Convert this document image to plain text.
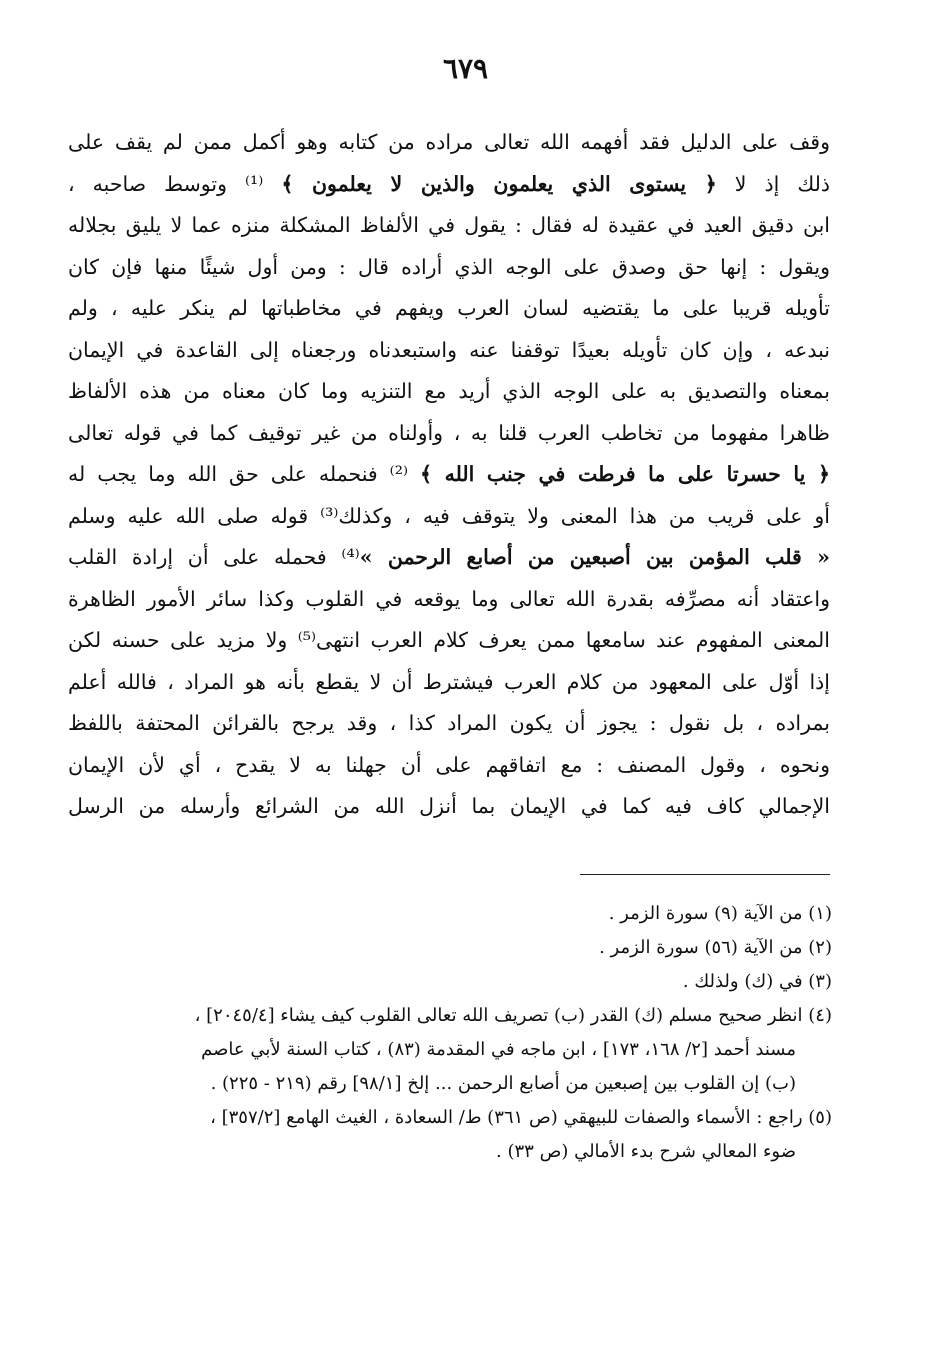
٦٧٩
وقف على الدليل فقد أفهمه الله تعالى مراده من كتابه وهو أكمل ممن لم يقف على
ذلك إذ لا ﴿ يستوى الذي يعلمون والذين لا يعلمون ﴾ ⁽¹⁾ وتوسط صاحبه ،
ابن دقيق العيد في عقيدة له فقال : يقول في الألفاظ المشكلة منزه عما لا يليق بجلاله
ويقول : إنها حق وصدق على الوجه الذي أراده قال : ومن أول شيئًا منها فإن كان
تأويله قريبا على ما يقتضيه لسان العرب ويفهم في مخاطباتها لم ينكر عليه ، ولم
نبدعه ، وإن كان تأويله بعيدًا توقفنا عنه واستبعدناه ورجعناه إلى القاعدة في الإيمان
بمعناه والتصديق به على الوجه الذي أريد مع التنزيه وما كان معناه من هذه الألفاظ
ظاهرا مفهوما من تخاطب العرب قلنا به ، وأولناه من غير توقيف كما في قوله تعالى
﴿ يا حسرتا على ما فرطت في جنب الله ﴾ ⁽²⁾ فنحمله على حق الله وما يجب له
أو على قريب من هذا المعنى ولا يتوقف فيه ، وكذلك⁽³⁾ قوله صلى الله عليه وسلم
« قلب المؤمن بين أصبعين من أصابع الرحمن »⁽⁴⁾ فحمله على أن إرادة القلب
واعتقاد أنه مصرِّفه بقدرة الله تعالى وما يوقعه في القلوب وكذا سائر الأمور الظاهرة
المعنى المفهوم عند سامعها ممن يعرف كلام العرب انتهى⁽⁵⁾ ولا مزيد على حسنه لكن
إذا أوّل على المعهود من كلام العرب فيشترط أن لا يقطع بأنه هو المراد ، فالله أعلم
بمراده ، بل نقول : يجوز أن يكون المراد كذا ، وقد يرجح بالقرائن المحتفة باللفظ
ونحوه ، وقول المصنف : مع اتفاقهم على أن جهلنا به لا يقدح ، أي لأن الإيمان
الإجمالي كاف فيه كما في الإيمان بما أنزل الله من الشرائع وأرسله من الرسل
(١) من الآية (٩) سورة الزمر .
(٢) من الآية (٥٦) سورة الزمر .
(٣) في (ك) ولذلك .
(٤) انظر صحيح مسلم (ك) القدر (ب) تصريف الله تعالى القلوب كيف يشاء [٢٠٤٥/٤] ،
مسند أحمد [٢/ ١٦٨، ١٧٣] ، ابن ماجه في المقدمة (٨٣) ، كتاب السنة لأبي عاصم
(ب) إن القلوب بين إصبعين من أصابع الرحمن ... إلخ [٩٨/١] رقم (٢١٩ - ٢٢٥) .
(٥) راجع : الأسماء والصفات للبيهقي (ص ٣٦١) ط/ السعادة ، الغيث الهامع [٣٥٧/٢] ،
ضوء المعالي شرح بدء الأمالي (ص ٣٣) .
